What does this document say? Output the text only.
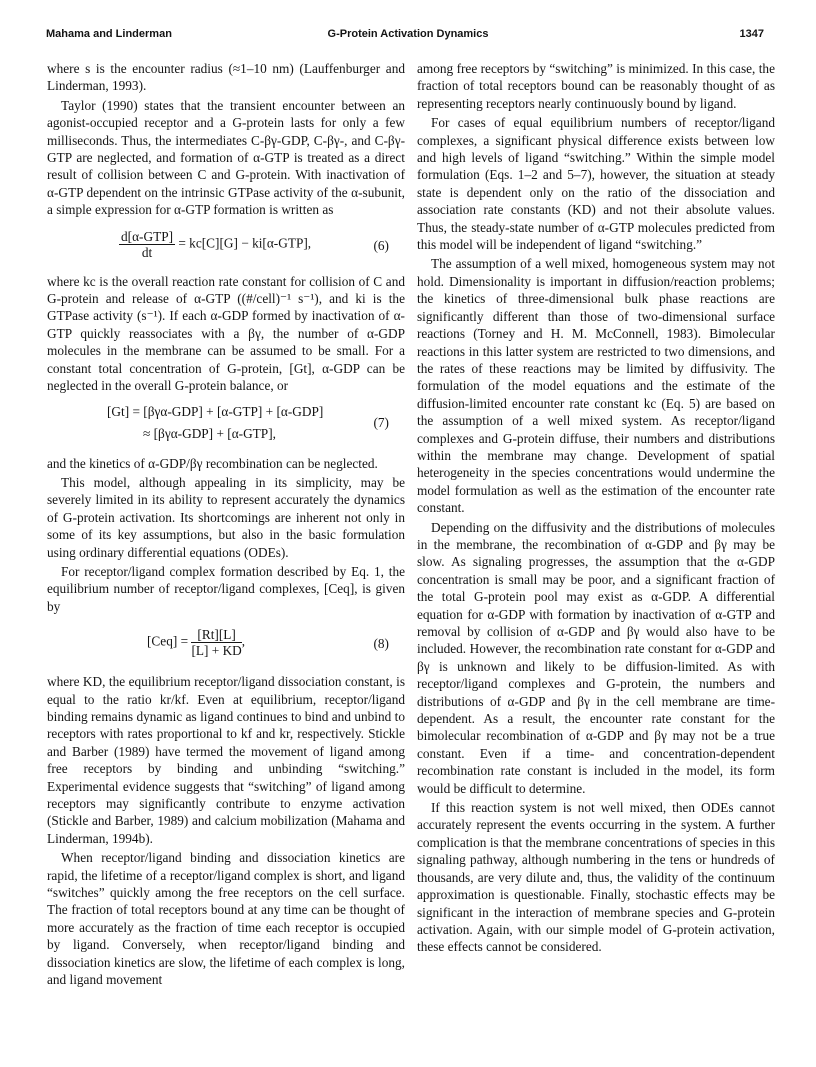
Mahama and Linderman	G-Protein Activation Dynamics	1347

where s is the encounter radius (≈1–10 nm) (Lauffenburger and Linderman, 1993).

Taylor (1990) states that the transient encounter between an agonist-occupied receptor and a G-protein lasts for only a few milliseconds. Thus, the intermediates C-βγ-GDP, C-βγ-, and C-βγ-GTP are neglected, and formation of α-GTP is treated as a direct result of collision between C and G-protein. With inactivation of α-GTP dependent on the intrinsic GTPase activity of the α-subunit, a simple expression for α-GTP formation is written as

$\frac{\text{d[α-GTP]}}{dt} = kc[C][G] - ki[\alpha-GTP]$,	(6)

where kc is the overall reaction rate constant for collision of C and G-protein and release of α-GTP ((#/cell)⁻¹ s⁻¹), and ki is the GTPase activity (s⁻¹). If each α-GDP formed by inactivation of α-GTP quickly reassociates with a βγ, the number of α-GDP molecules in the membrane can be assumed to be small. For a constant total concentration of G-protein, [Gt], α-GDP can be neglected in the overall G-protein balance, or

[Gt] = [βγα-GDP] + [α-GTP] + [α-GDP]
≈ [βγα-GDP] + [α-GTP],
(7)

and the kinetics of α-GDP/βγ recombination can be neglected.

This model, although appealing in its simplicity, may be severely limited in its ability to represent accurately the dynamics of G-protein activation. Its shortcomings are inherent not only in some of its key assumptions, but also in the basic formulation using ordinary differential equations (ODEs).

For receptor/ligand complex formation described by Eq. 1, the equilibrium number of receptor/ligand complexes, [Ceq], is given by

$[Ceq] = \frac{[Rt][L]}{[L] + KD}$ ,	(8)

where KD, the equilibrium receptor/ligand dissociation constant, is equal to the ratio kr/kf. Even at equilibrium, receptor/ligand binding remains dynamic as ligand continues to bind and unbind to receptors with rates proportional to kf and kr, respectively. Stickle and Barber (1989) have termed the movement of ligand among free receptors by binding and unbinding “switching.” Experimental evidence suggests that “switching” of ligand among receptors may significantly contribute to enzyme activation (Stickle and Barber, 1989) and calcium mobilization (Mahama and Linderman, 1994b).

When receptor/ligand binding and dissociation kinetics are rapid, the lifetime of a receptor/ligand complex is short, and ligand “switches” quickly among the free receptors on the cell surface. The fraction of total receptors bound at any time can be thought of more accurately as the fraction of time each receptor is occupied by ligand. Conversely, when receptor/ligand binding and dissociation kinetics are slow, the lifetime of each complex is long, and ligand movement

among free receptors by “switching” is minimized. In this case, the fraction of total receptors bound can be reasonably thought of as representing receptors nearly continuously bound by ligand.

For cases of equal equilibrium numbers of receptor/ligand complexes, a significant physical difference exists between low and high levels of ligand “switching.” Within the simple model formulation (Eqs. 1–2 and 5–7), however, the situation at steady state is dependent only on the ratio of the dissociation and association rate constants (KD) and not their absolute values. Thus, the steady-state number of α-GTP molecules predicted from this model will be independent of ligand “switching.”

The assumption of a well mixed, homogeneous system may not hold. Dimensionality is important in diffusion/reaction problems; the kinetics of three-dimensional bulk phase reactions are significantly different than those of two-dimensional surface reactions (Torney and H. M. McConnell, 1983). Bimolecular reactions in this latter system are restricted to two dimensions, and the rates of these reactions may be limited by diffusivity. The formulation of the model equations and the estimate of the diffusion-limited encounter rate constant kc (Eq. 5) are based on the assumption of a well mixed system. As receptor/ligand complexes and G-protein diffuse, their numbers and distributions within the membrane may change. Development of spatial heterogeneity in the species concentrations would undermine the model formulation as well as the estimation of the encounter rate constant.

Depending on the diffusivity and the distributions of molecules in the membrane, the recombination of α-GDP and βγ may be slow. As signaling progresses, the assumption that the α-GDP concentration is small may be poor, and a significant fraction of the total G-protein pool may exist as α-GDP. A differential equation for α-GDP with formation by inactivation of α-GTP and removal by collision of α-GDP and βγ would also have to be included. However, the recombination rate constant for α-GDP and βγ is unknown and likely to be diffusion-limited. As with receptor/ligand complexes and G-protein, the numbers and distributions of α-GDP and βγ in the cell membrane are time-dependent. As a result, the encounter rate constant for the bimolecular recombination of α-GDP and βγ may not be a true constant. Even if a time- and concentration-dependent recombination rate constant is included in the model, its form would be difficult to determine.

If this reaction system is not well mixed, then ODEs cannot accurately represent the events occurring in the system. A further complication is that the membrane concentrations of species in this signaling pathway, although numbering in the tens or hundreds of thousands, are very dilute and, thus, the validity of the continuum approximation is questionable. Finally, stochastic effects may be significant in the interaction of membrane species and G-protein activation. Again, with our simple model of G-protein activation, these effects cannot be considered.
